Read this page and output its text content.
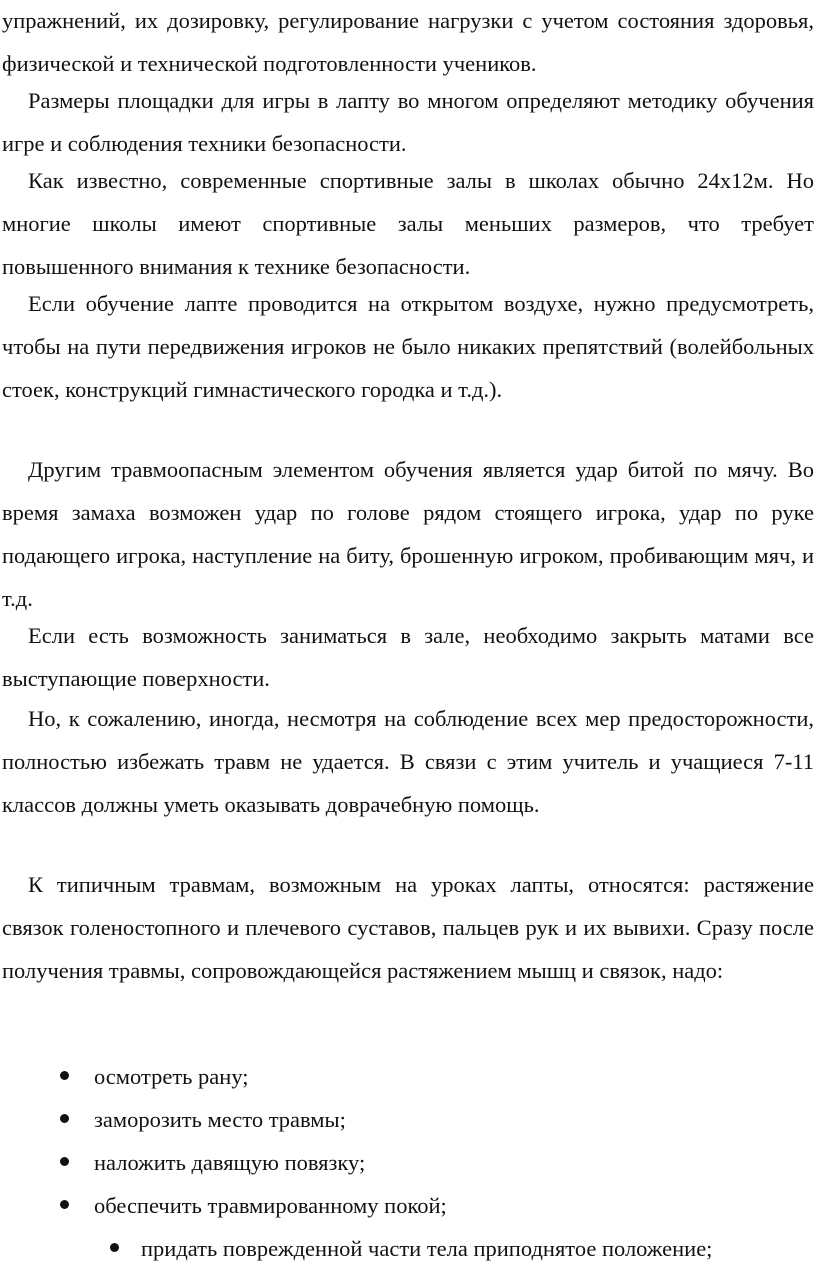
упражнений, их дозировку, регулирование нагрузки с учетом состояния здоровья, физической и технической подготовленности учеников.

Размеры площадки для игры в лапту во многом определяют методику обучения игре и соблюдения техники безопасности.

Как известно, современные спортивные залы в школах обычно 24х12м. Но многие школы имеют спортивные залы меньших размеров, что требует повышенного внимания к технике безопасности.

Если обучение лапте проводится на открытом воздухе, нужно предусмотреть, чтобы на пути передвижения игроков не было никаких препятствий (волейбольных стоек, конструкций гимнастического городка и т.д.).

Другим травмоопасным элементом обучения является удар битой по мячу. Во время замаха возможен удар по голове рядом стоящего игрока, удар по руке подающего игрока, наступление на биту, брошенную игроком, пробивающим мяч, и т.д.

Если есть возможность заниматься в зале, необходимо закрыть матами все выступающие поверхности.

Но, к сожалению, иногда, несмотря на соблюдение всех мер предосторожности, полностью избежать травм не удается. В связи с этим учитель и учащиеся 7-11 классов должны уметь оказывать доврачебную помощь.

К типичным травмам, возможным на уроках лапты, относятся: растяжение связок голеностопного и плечевого суставов, пальцев рук и их вывихи. Сразу после получения травмы, сопровождающейся растяжением мышц и связок, надо:

осмотреть рану;
заморозить место травмы;
наложить давящую повязку;
обеспечить травмированному покой;
придать поврежденной части тела приподнятое положение;
